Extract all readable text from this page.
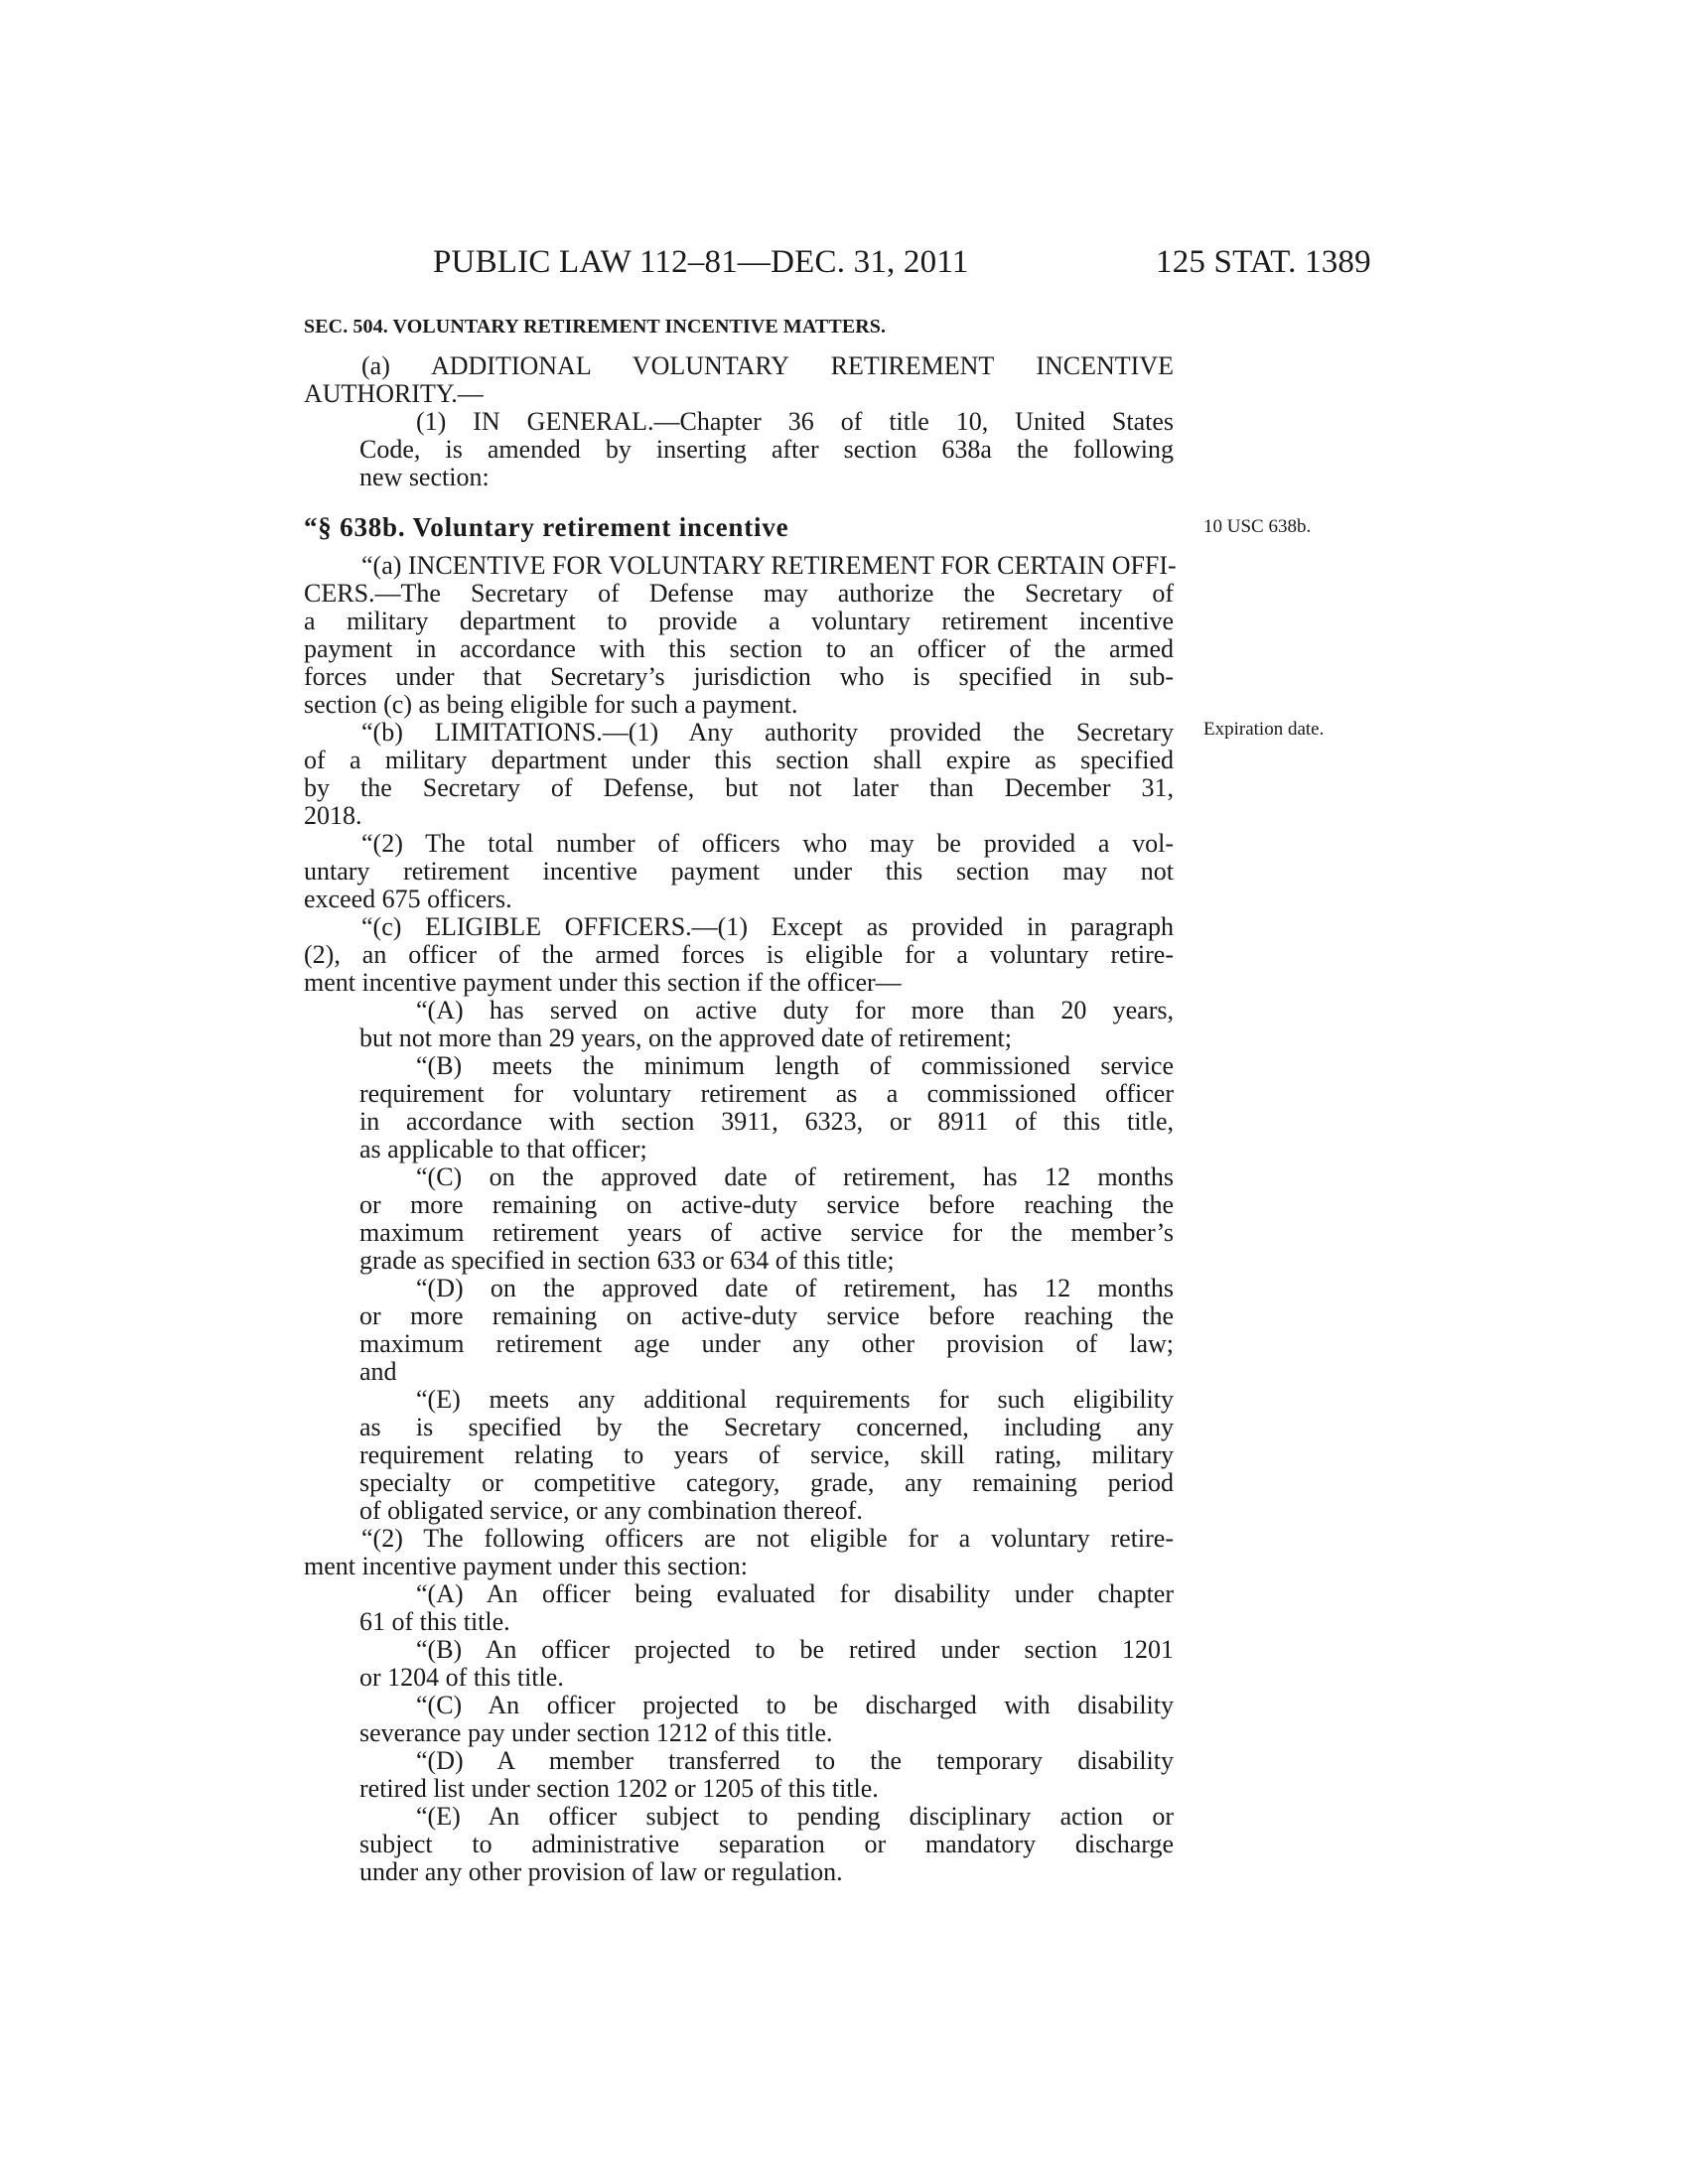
PUBLIC LAW 112–81—DEC. 31, 2011	125 STAT. 1389
SEC. 504. VOLUNTARY RETIREMENT INCENTIVE MATTERS.
(a) ADDITIONAL VOLUNTARY RETIREMENT INCENTIVE
AUTHORITY.—
(1) IN GENERAL.—Chapter 36 of title 10, United States
Code, is amended by inserting after section 638a the following
new section:
“§ 638b. Voluntary retirement incentive	10 USC 638b.
“(a) INCENTIVE FOR VOLUNTARY RETIREMENT FOR CERTAIN OFFI-
CERS.—The Secretary of Defense may authorize the Secretary of
a military department to provide a voluntary retirement incentive
payment in accordance with this section to an officer of the armed
forces under that Secretary’s jurisdiction who is specified in sub-
section (c) as being eligible for such a payment.
“(b) LIMITATIONS.—(1) Any authority provided the Secretary
of a military department under this section shall expire as specified
by the Secretary of Defense, but not later than December 31,
2018.
“(2) The total number of officers who may be provided a vol-
untary retirement incentive payment under this section may not
exceed 675 officers.
“(c) ELIGIBLE OFFICERS.—(1) Except as provided in paragraph
(2), an officer of the armed forces is eligible for a voluntary retire-
ment incentive payment under this section if the officer—
“(A) has served on active duty for more than 20 years,
but not more than 29 years, on the approved date of retirement;
“(B) meets the minimum length of commissioned service
requirement for voluntary retirement as a commissioned officer
in accordance with section 3911, 6323, or 8911 of this title,
as applicable to that officer;
“(C) on the approved date of retirement, has 12 months
or more remaining on active-duty service before reaching the
maximum retirement years of active service for the member’s
grade as specified in section 633 or 634 of this title;
“(D) on the approved date of retirement, has 12 months
or more remaining on active-duty service before reaching the
maximum retirement age under any other provision of law;
and
“(E) meets any additional requirements for such eligibility
as is specified by the Secretary concerned, including any
requirement relating to years of service, skill rating, military
specialty or competitive category, grade, any remaining period
of obligated service, or any combination thereof.
“(2) The following officers are not eligible for a voluntary retire-
ment incentive payment under this section:
“(A) An officer being evaluated for disability under chapter
61 of this title.
“(B) An officer projected to be retired under section 1201
or 1204 of this title.
“(C) An officer projected to be discharged with disability
severance pay under section 1212 of this title.
“(D) A member transferred to the temporary disability
retired list under section 1202 or 1205 of this title.
“(E) An officer subject to pending disciplinary action or
subject to administrative separation or mandatory discharge
under any other provision of law or regulation.
Expiration date.
